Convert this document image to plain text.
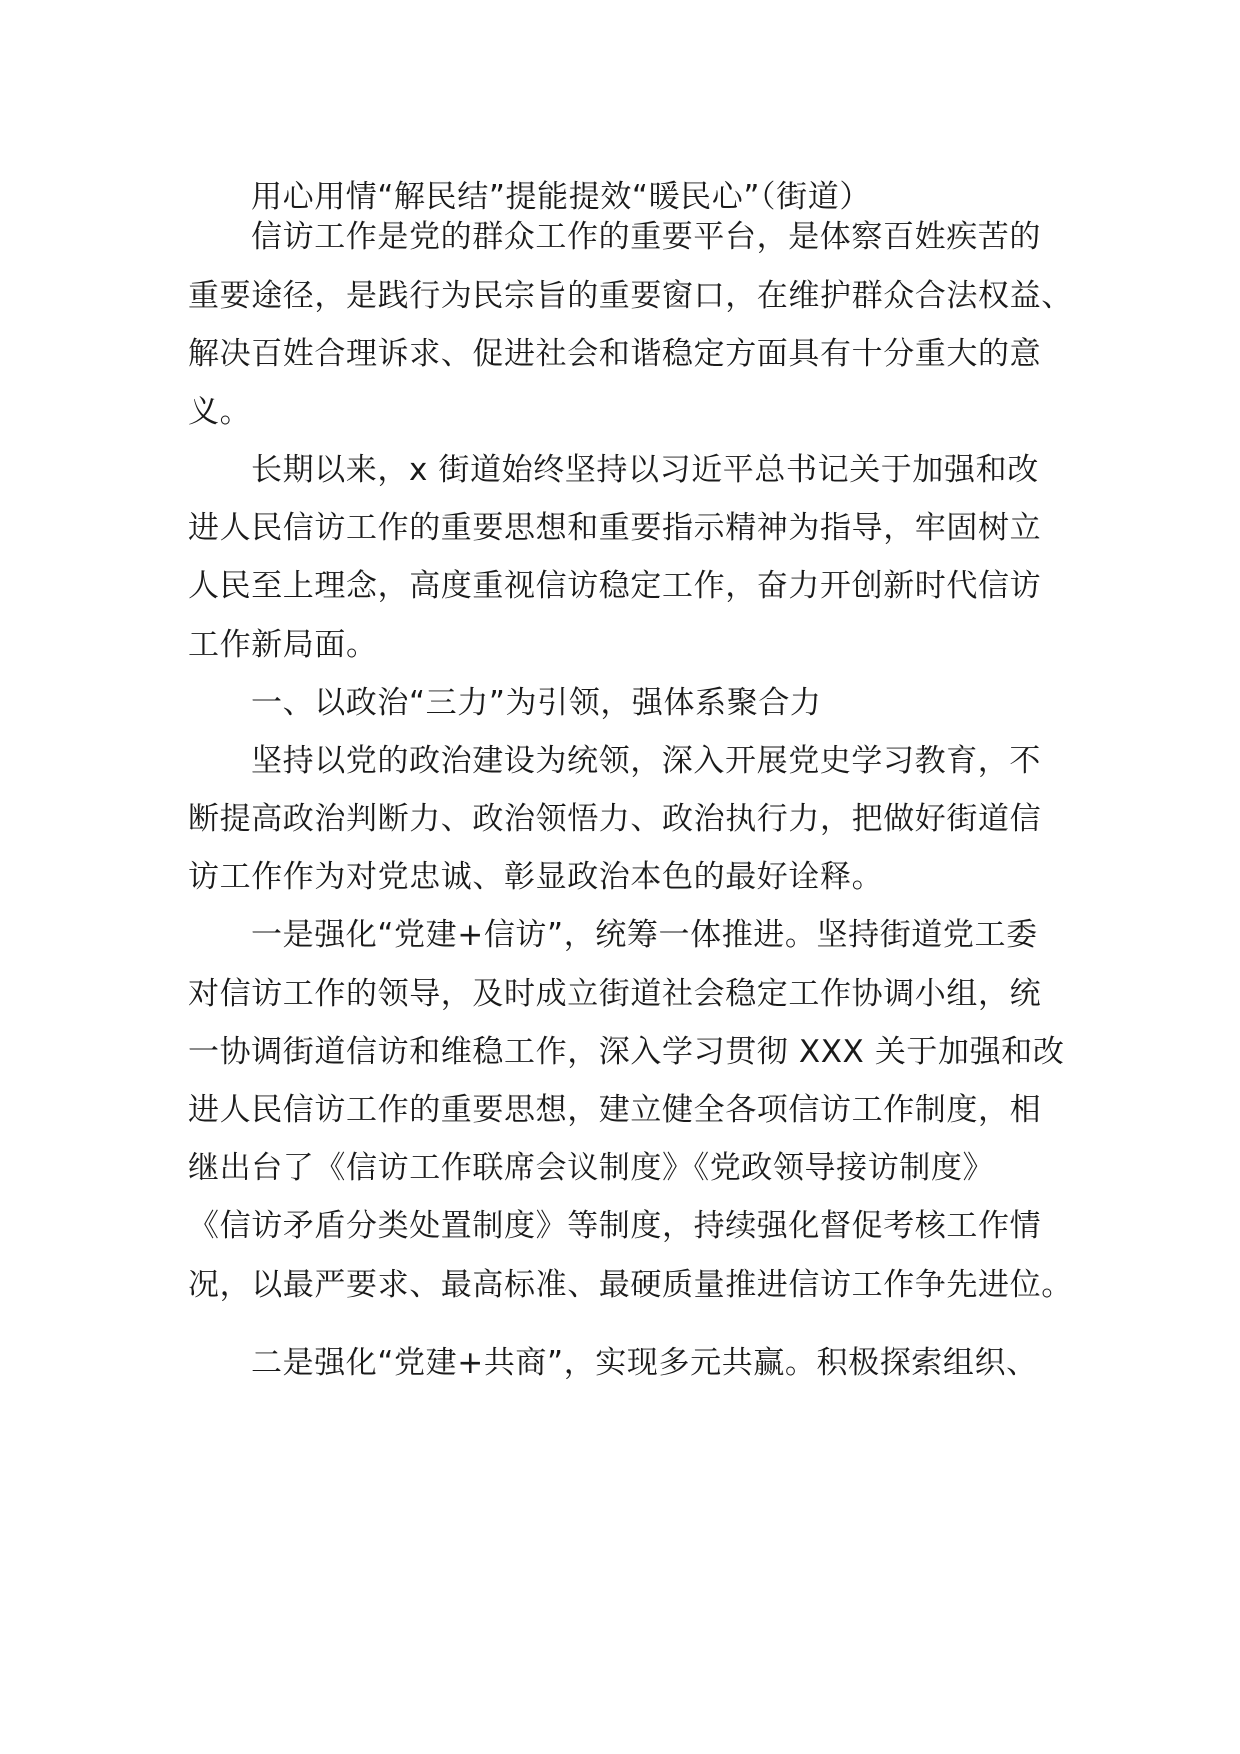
用心用情“解民结”提能提效“暖民心”（街道）
信访工作是党的群众工作的重要平台，是体察百姓疾苦的
重要途径，是践行为民宗旨的重要窗口，在维护群众合法权益、
解决百姓合理诉求、促进社会和谐稳定方面具有十分重大的意
义。
长期以来，x 街道始终坚持以习近平总书记关于加强和改
进人民信访工作的重要思想和重要指示精神为指导，牢固树立
人民至上理念，高度重视信访稳定工作，奋力开创新时代信访
工作新局面。
一、以政治“三力”为引领，强体系聚合力
坚持以党的政治建设为统领，深入开展党史学习教育，不
断提高政治判断力、政治领悟力、政治执行力，把做好街道信
访工作作为对党忠诚、彰显政治本色的最好诠释。
一是强化“党建+信访”，统筹一体推进。坚持街道党工委
对信访工作的领导，及时成立街道社会稳定工作协调小组，统
一协调街道信访和维稳工作，深入学习贯彻 XXX 关于加强和改
进人民信访工作的重要思想，建立健全各项信访工作制度，相
继出台了《信访工作联席会议制度》《党政领导接访制度》
《信访矛盾分类处置制度》等制度，持续强化督促考核工作情
况，以最严要求、最高标准、最硬质量推进信访工作争先进位。
二是强化“党建+共商”，实现多元共赢。积极探索组织、
